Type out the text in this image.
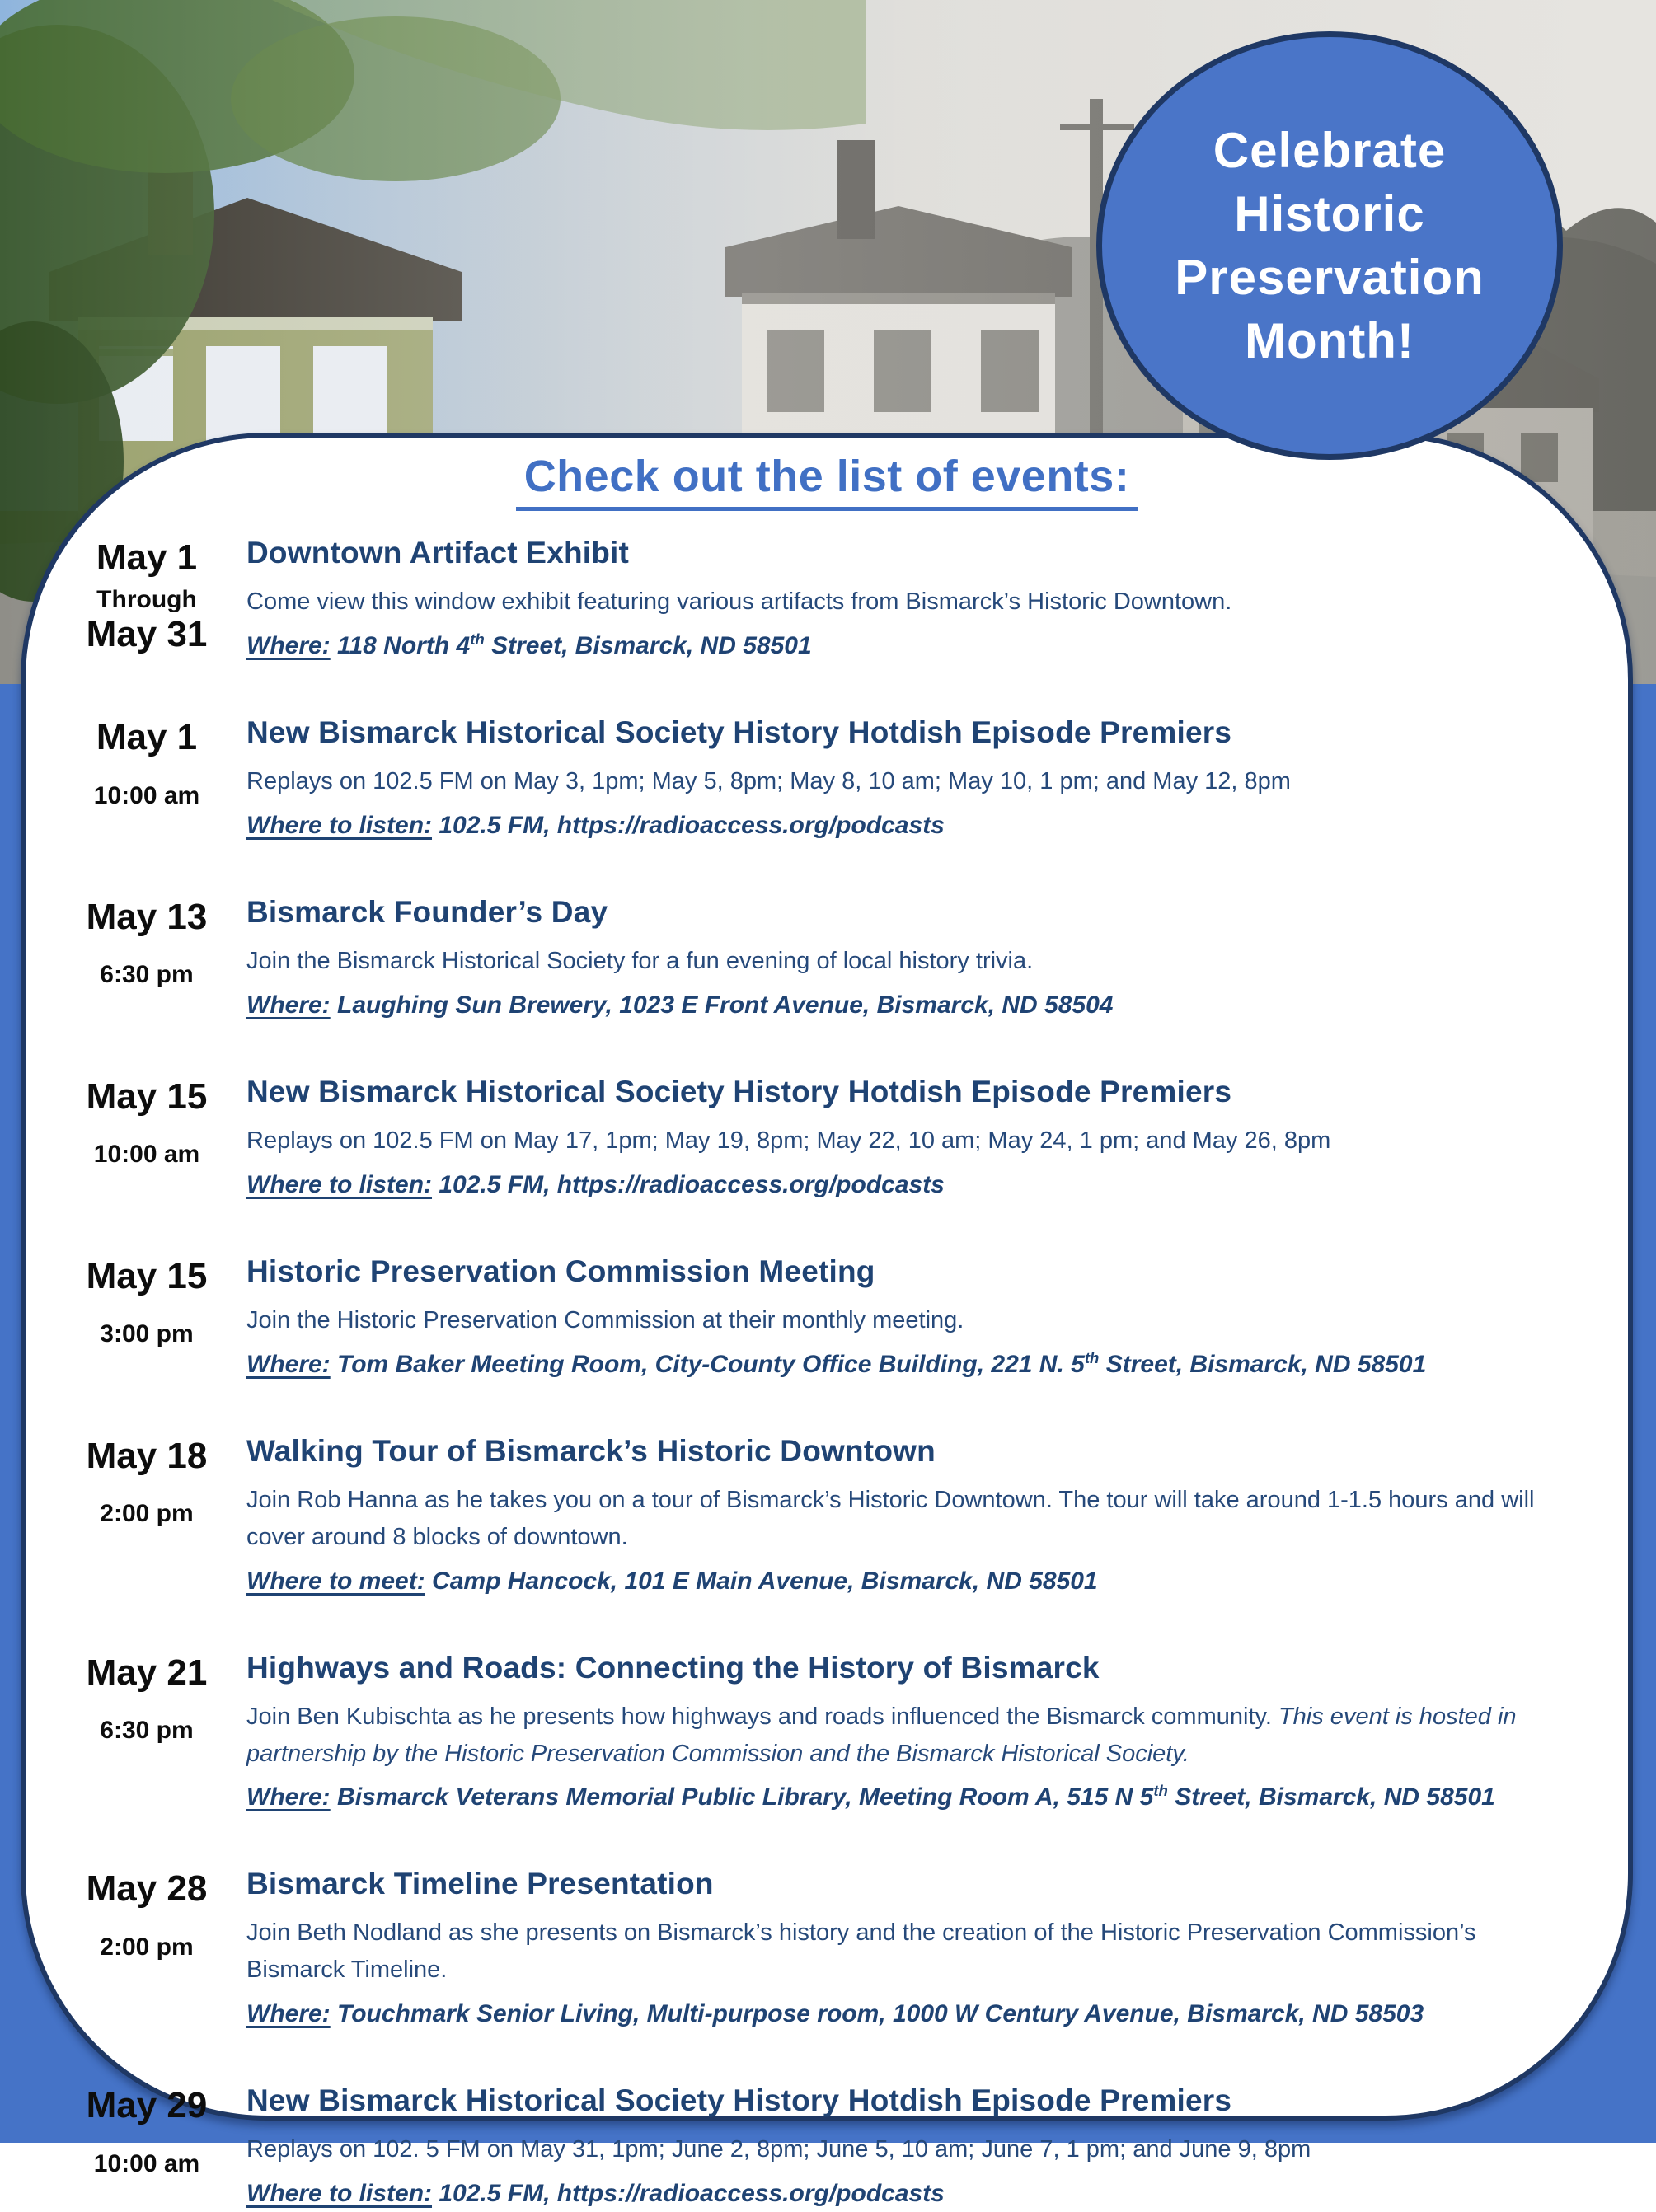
Celebrate
Historic
Preservation
Month!
Check out the list of events:
May 1
Through
May 31
Downtown Artifact Exhibit
Come view this window exhibit featuring various artifacts from Bismarck’s Historic Downtown.
Where: 118 North 4th Street, Bismarck, ND 58501
May 1
10:00 am
New Bismarck Historical Society History Hotdish Episode Premiers
Replays on 102.5 FM on May 3, 1pm; May 5, 8pm; May 8, 10 am; May 10, 1 pm; and May 12, 8pm
Where to listen: 102.5 FM, https://radioaccess.org/podcasts
May 13
6:30 pm
Bismarck Founder’s Day
Join the Bismarck Historical Society for a fun evening of local history trivia.
Where: Laughing Sun Brewery, 1023 E Front Avenue, Bismarck, ND 58504
May 15
10:00 am
New Bismarck Historical Society History Hotdish Episode Premiers
Replays on 102.5 FM on May 17, 1pm; May 19, 8pm; May 22, 10 am; May 24, 1 pm; and May 26, 8pm
Where to listen: 102.5 FM, https://radioaccess.org/podcasts
May 15
3:00 pm
Historic Preservation Commission Meeting
Join the Historic Preservation Commission at their monthly meeting.
Where: Tom Baker Meeting Room, City-County Office Building, 221 N. 5th Street, Bismarck, ND 58501
May 18
2:00 pm
Walking Tour of Bismarck’s Historic Downtown
Join Rob Hanna as he takes you on a tour of Bismarck’s Historic Downtown. The tour will take around 1-1.5 hours and will cover around 8 blocks of downtown.
Where to meet: Camp Hancock, 101 E Main Avenue, Bismarck, ND 58501
May 21
6:30 pm
Highways and Roads: Connecting the History of Bismarck
Join Ben Kubischta as he presents how highways and roads influenced the Bismarck community. This event is hosted in partnership by the Historic Preservation Commission and the Bismarck Historical Society.
Where: Bismarck Veterans Memorial Public Library, Meeting Room A, 515 N 5th Street, Bismarck, ND 58501
May 28
2:00 pm
Bismarck Timeline Presentation
Join Beth Nodland as she presents on Bismarck’s history and the creation of the Historic Preservation Commission’s Bismarck Timeline.
Where: Touchmark Senior Living, Multi-purpose room, 1000 W Century Avenue, Bismarck, ND 58503
May 29
10:00 am
New Bismarck Historical Society History Hotdish Episode Premiers
Replays on 102. 5 FM on May 31, 1pm; June 2, 8pm; June 5, 10 am; June 7, 1 pm; and June 9, 8pm
Where to listen: 102.5 FM, https://radioaccess.org/podcasts
